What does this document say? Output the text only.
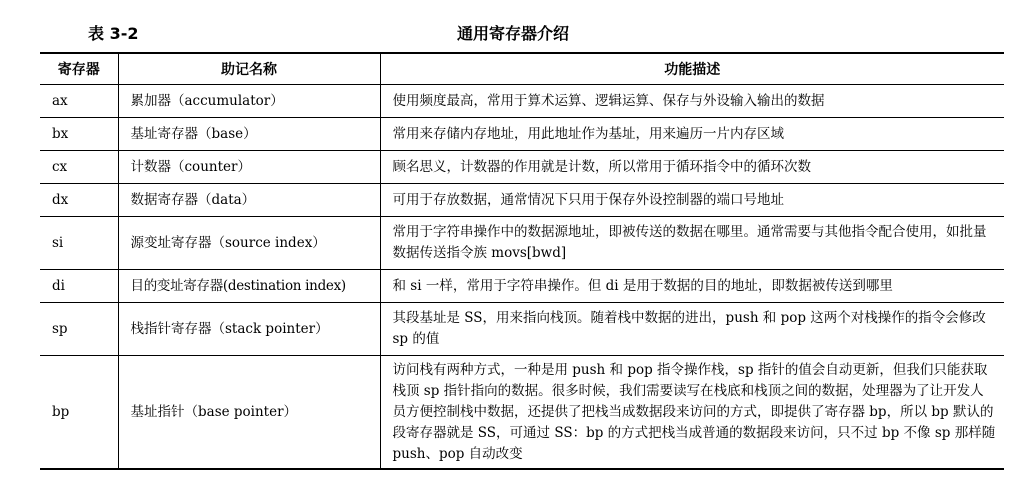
表 3-2	通用寄存器介绍
寄存器	助记名称	功能描述
ax	累加器（accumulator）	使用频度最高，常用于算术运算、逻辑运算、保存与外设输入输出的数据
bx	基址寄存器（base）	常用来存储内存地址，用此地址作为基址，用来遍历一片内存区域
cx	计数器（counter）	顾名思义，计数器的作用就是计数，所以常用于循环指令中的循环次数
dx	数据寄存器（data）	可用于存放数据，通常情况下只用于保存外设控制器的端口号地址
si	源变址寄存器（source index）	常用于字符串操作中的数据源地址，即被传送的数据在哪里。通常需要与其他指令配合使用，如批量数据传送指令族 movs[bwd]
di	目的变址寄存器(destination index)	和 si 一样，常用于字符串操作。但 di 是用于数据的目的地址，即数据被传送到哪里
sp	栈指针寄存器（stack pointer）	其段基址是 SS，用来指向栈顶。随着栈中数据的进出，push 和 pop 这两个对栈操作的指令会修改 sp 的值
bp	基址指针（base pointer）	访问栈有两种方式，一种是用 push 和 pop 指令操作栈，sp 指针的值会自动更新，但我们只能获取栈顶 sp 指针指向的数据。很多时候，我们需要读写在栈底和栈顶之间的数据，处理器为了让开发人员方便控制栈中数据，还提供了把栈当成数据段来访问的方式，即提供了寄存器 bp，所以 bp 默认的段寄存器就是 SS，可通过 SS：bp 的方式把栈当成普通的数据段来访问，只不过 bp 不像 sp 那样随 push、pop 自动改变
